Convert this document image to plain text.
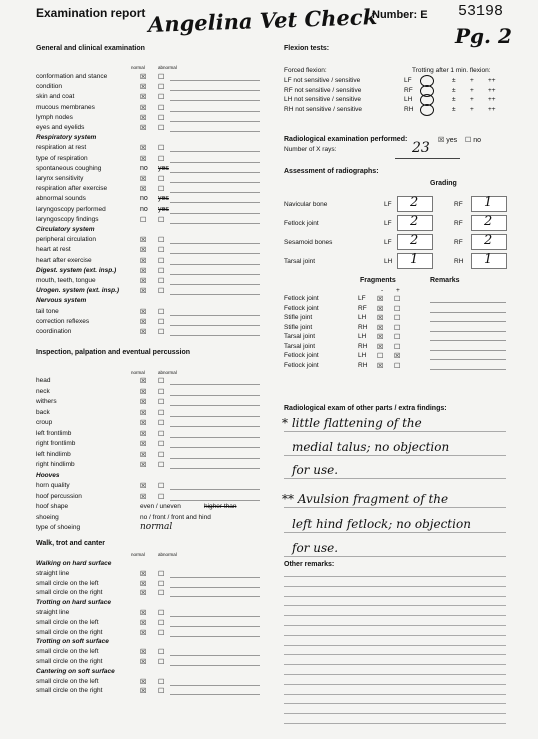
Examination report Angelina Vet Check
Number: E 53198
Pg. 2
General and clinical examination
normal	abnormal
conformation and stance	☒ ☐
condition	☒ ☐
skin and coat	☒ ☐
mucous membranes	☒ ☐
lymph nodes	☒ ☐
eyes and eyelids	☒ ☐
Respiratory system
respiration at rest	☒ ☐
type of respiration	☒ ☐
spontaneous coughing	no yes
larynx sensitivity	☒ ☐
respiration after exercise	☒ ☐
abnormal sounds	no yes
laryngoscopy performed	no yes
laryngoscopy findings	☐ ☐
Circulatory system
peripheral circulation	☒ ☐
heart at rest	☒ ☐
heart after exercise	☒ ☐
Digest. system (ext. insp.)	☒ ☐
mouth, teeth, tongue	☒ ☐
Urogen. system (ext. insp.)	☒ ☐
Nervous system
tail tone	☒ ☐
correction reflexes	☒ ☐
coordination	☒ ☐
Inspection, palpation and eventual percussion
normal	abnormal
head	☒ ☐
neck	☒ ☐
withers	☒ ☐
back	☒ ☐
croup	☒ ☐
left frontlimb	☒ ☐
right frontlimb	☒ ☐
left hindlimb	☒ ☐
right hindlimb	☒ ☐
Hooves
horn quality	☒ ☐
hoof percussion	☒ ☐
hoof shape	even / uneven	higher than
shoeing	no / front / front and hind
type of shoeing	normal
Walk, trot and canter
normal	abnormal
Walking on hard surface
straight line	☒ ☐
small circle on the left	☒ ☐
small circle on the right	☒ ☐
Trotting on hard surface
straight line	☒ ☐
small circle on the left	☒ ☐
small circle on the right	☒ ☐
Trotting on soft surface
small circle on the left	☒ ☐
small circle on the right	☒ ☐
Cantering on soft surface
small circle on the left	☒ ☐
small circle on the right	☒ ☐
Flexion tests:
Forced flexion:	Trotting after 1 min. flexion:
LF not sensitive / sensitive	LF	± + ++
RF not sensitive / sensitive	RF	± + ++
LH not sensitive / sensitive	LH	± + ++
RH not sensitive / sensitive	RH	± + ++
Radiological examination performed:	☒ yes ☐ no
Number of X rays:	23
Assessment of radiographs:
Grading
Navicular bone	LF 2	RF 1
Fetlock joint	LF 2	RF 2
Sesamoid bones	LF 2	RF 2
Tarsal joint	LH 1	RH 1
Fragments	Remarks
- +
Fetlock joint	LF ☒ ☐
Fetlock joint	RF ☒ ☐
Stifle joint	LH ☒ ☐
Stifle joint	RH ☒ ☐
Tarsal joint	LH ☒ ☐
Tarsal joint	RH ☒ ☐
Fetlock joint	LH ☐ ☒
Fetlock joint	RH ☒ ☐
Radiological exam of other parts / extra findings:
* little flattening of the
medial talus; no objection
for use.
** Avulsion fragment of the
left hind fetlock; no objection
for use.
Other remarks:
